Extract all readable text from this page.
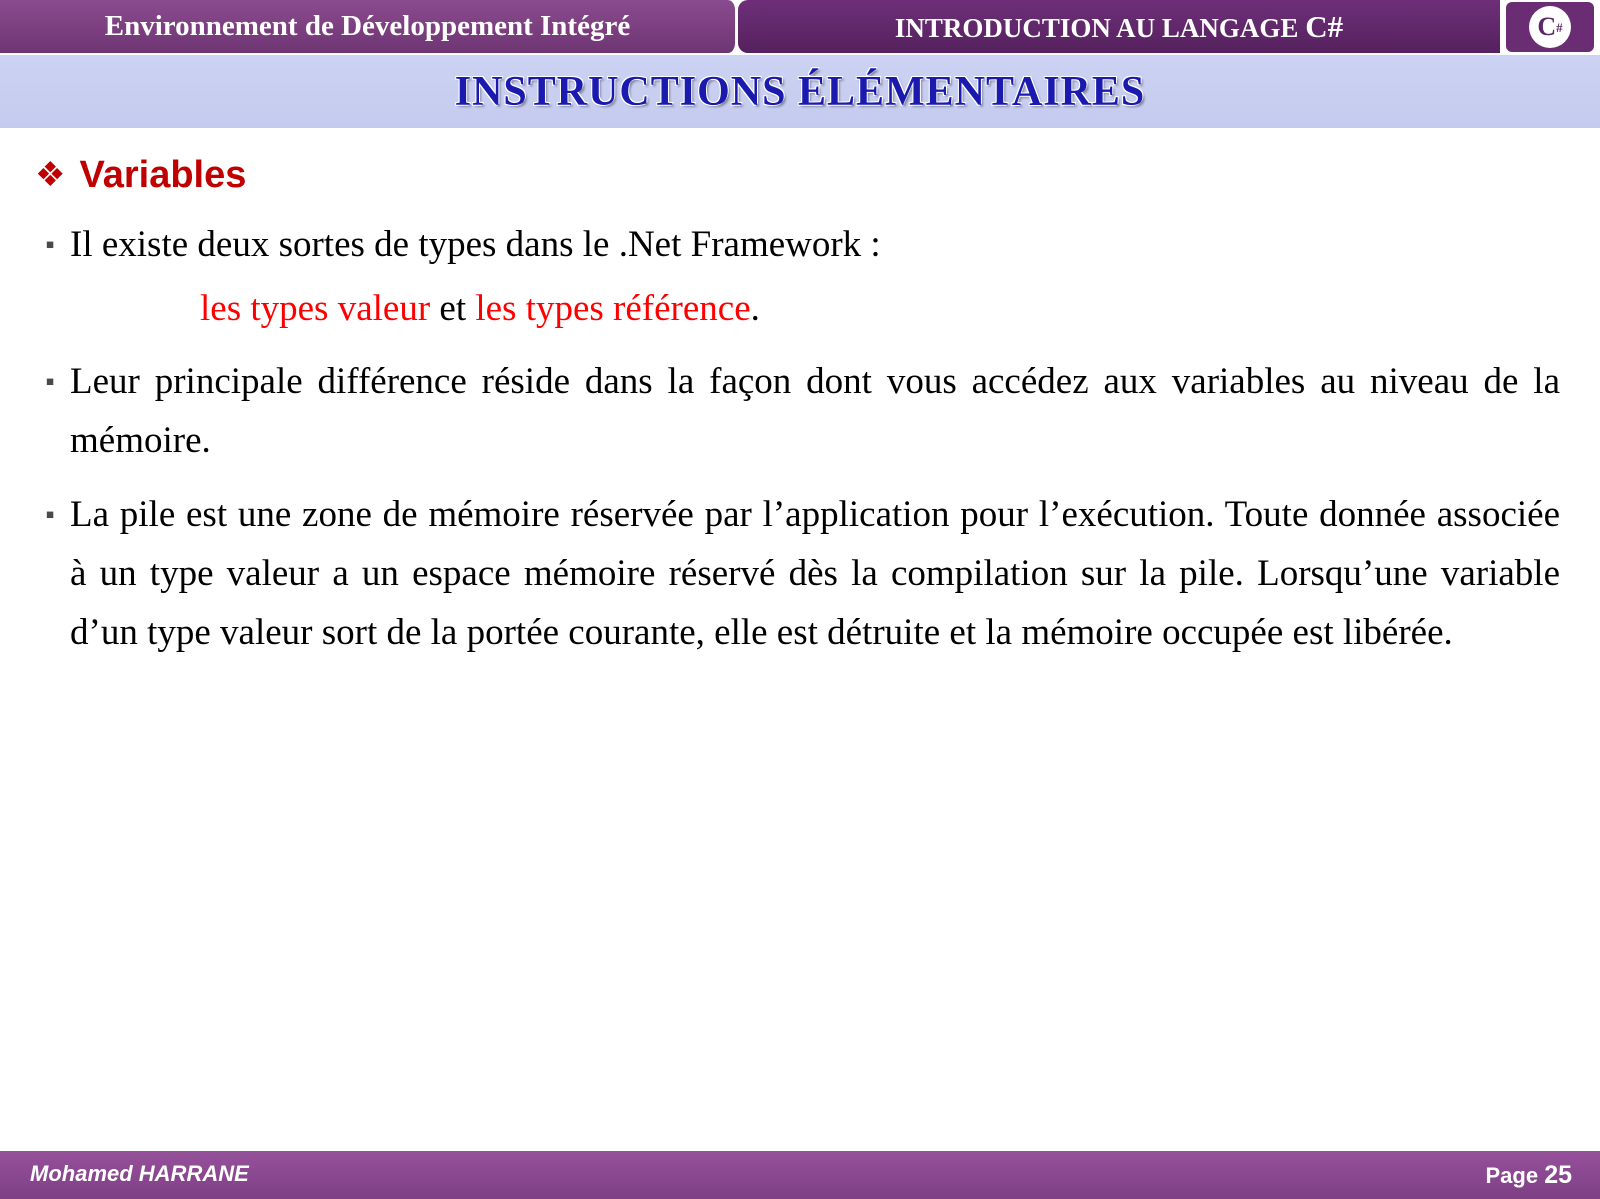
Environnement de Développement Intégré	INTRODUCTION AU LANGAGE C#	C #
INSTRUCTIONS ÉLÉMENTAIRES
❖ Variables
▪ Il existe deux sortes de types dans le .Net Framework :
les types valeur et les types référence.
▪ Leur principale différence réside dans la façon dont vous accédez aux variables au niveau de la mémoire.
▪ La pile est une zone de mémoire réservée par l’application pour l’exécution. Toute donnée associée à un type valeur a un espace mémoire réservé dès la compilation sur la pile. Lorsqu’une variable d’un type valeur sort de la portée courante, elle est détruite et la mémoire occupée est libérée.
Mohamed HARRANE	Page 25
